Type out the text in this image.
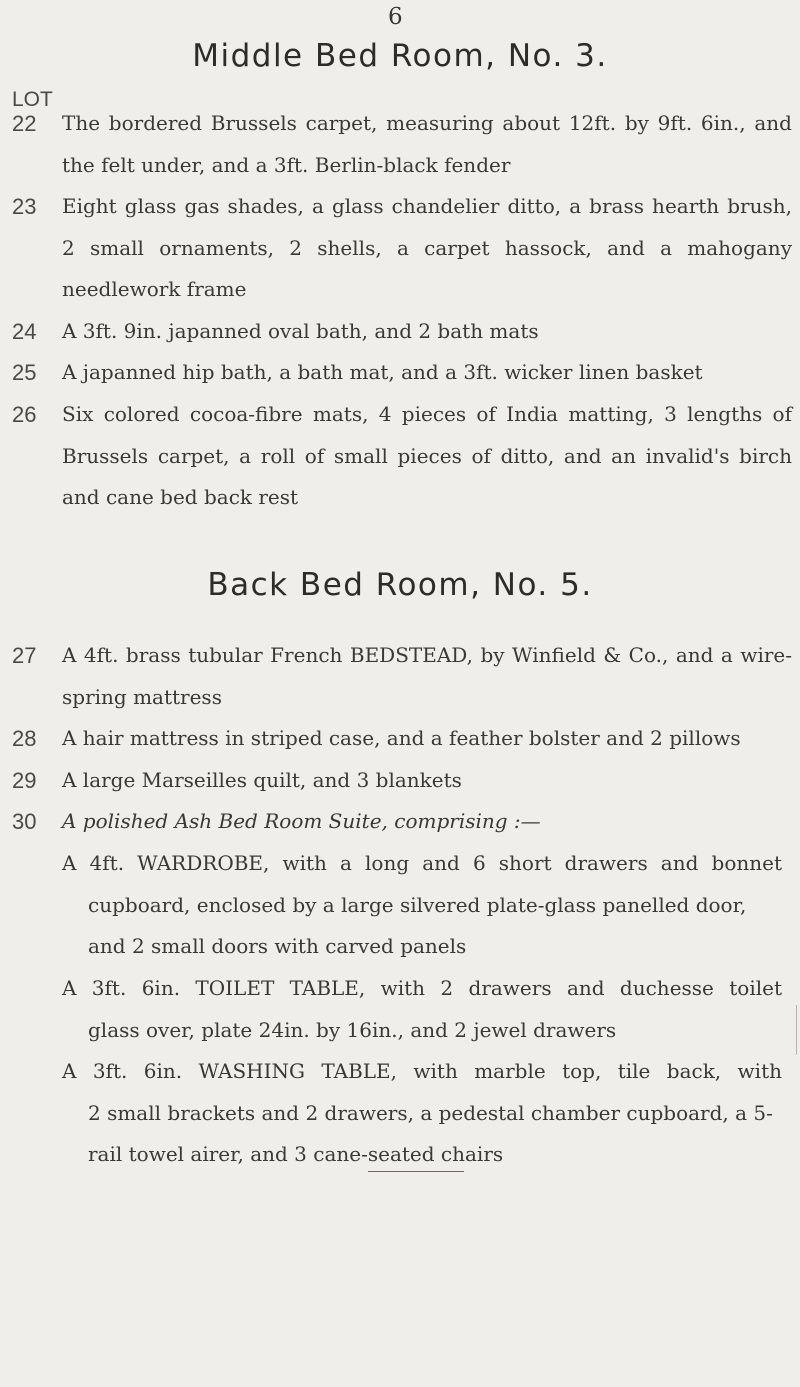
6
Middle Bed Room, No. 3.
LOT
22 The bordered Brussels carpet, measuring about 12ft. by 9ft. 6in., and the felt under, and a 3ft. Berlin-black fender
23 Eight glass gas shades, a glass chandelier ditto, a brass hearth brush, 2 small ornaments, 2 shells, a carpet hassock, and a mahogany needlework frame
24 A 3ft. 9in. japanned oval bath, and 2 bath mats
25 A japanned hip bath, a bath mat, and a 3ft. wicker linen basket
26 Six colored cocoa-fibre mats, 4 pieces of India matting, 3 lengths of Brussels carpet, a roll of small pieces of ditto, and an invalid's birch and cane bed back rest
Back Bed Room, No. 5.
27 A 4ft. brass tubular French BEDSTEAD, by Winfield & Co., and a wire-spring mattress
28 A hair mattress in striped case, and a feather bolster and 2 pillows
29 A large Marseilles quilt, and 3 blankets
30 A polished Ash Bed Room Suite, comprising :—
A 4ft. WARDROBE, with a long and 6 short drawers and bonnet
cupboard, enclosed by a large silvered plate-glass panelled door, and 2 small doors with carved panels
A 3ft. 6in. TOILET TABLE, with 2 drawers and duchesse toilet
glass over, plate 24in. by 16in., and 2 jewel drawers
A 3ft. 6in. WASHING TABLE, with marble top, tile back, with
2 small brackets and 2 drawers, a pedestal chamber cupboard, a 5-rail towel airer, and 3 cane-seated chairs
